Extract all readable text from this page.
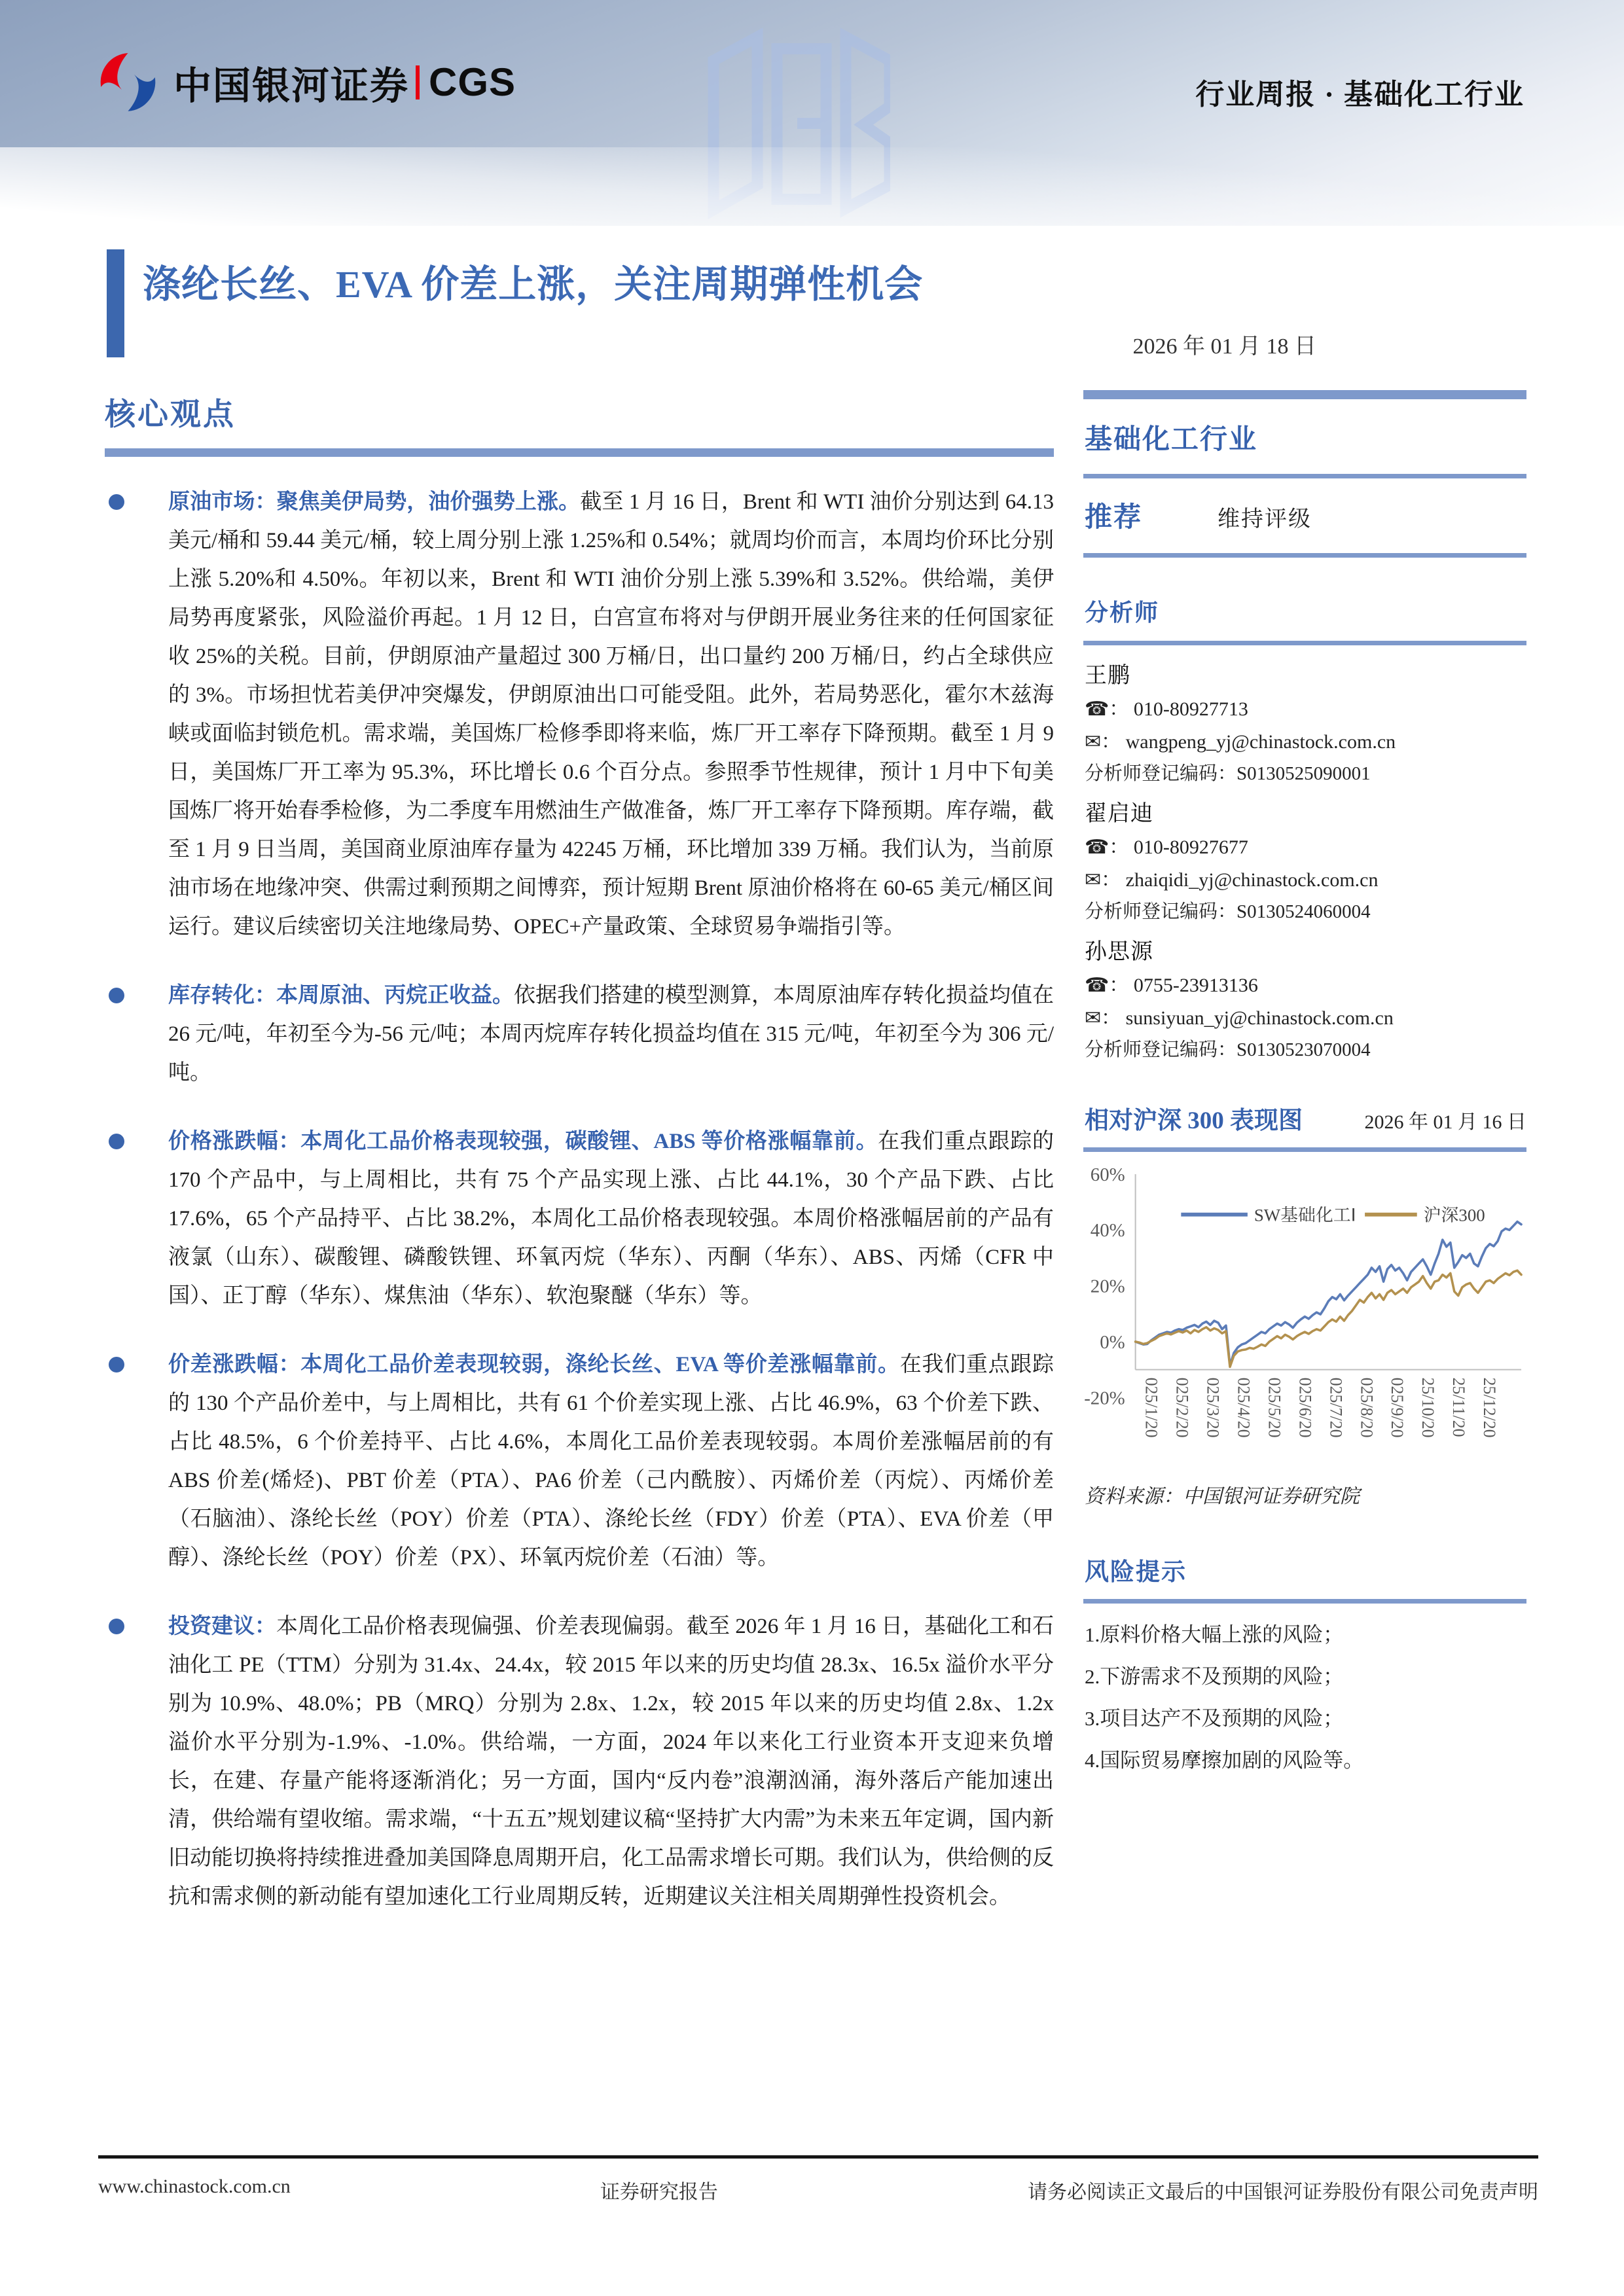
中国银河证券 CGS	行业周报 · 基础化工行业
涤纶长丝、EVA 价差上涨，关注周期弹性机会
2026 年 01 月 18 日
核心观点
原油市场：聚焦美伊局势，油价强势上涨。截至 1 月 16 日，Brent 和 WTI 油价分别达到 64.13 美元/桶和 59.44 美元/桶，较上周分别上涨 1.25%和 0.54%；就周均价而言，本周均价环比分别上涨 5.20%和 4.50%。年初以来，Brent 和 WTI 油价分别上涨 5.39%和 3.52%。供给端，美伊局势再度紧张，风险溢价再起。1 月 12 日，白宫宣布将对与伊朗开展业务往来的任何国家征收 25%的关税。目前，伊朗原油产量超过 300 万桶/日，出口量约 200 万桶/日，约占全球供应的 3%。市场担忧若美伊冲突爆发，伊朗原油出口可能受阻。此外，若局势恶化，霍尔木兹海峡或面临封锁危机。需求端，美国炼厂检修季即将来临，炼厂开工率存下降预期。截至 1 月 9 日，美国炼厂开工率为 95.3%，环比增长 0.6 个百分点。参照季节性规律，预计 1 月中下旬美国炼厂将开始春季检修，为二季度车用燃油生产做准备，炼厂开工率存下降预期。库存端，截至 1 月 9 日当周，美国商业原油库存量为 42245 万桶，环比增加 339 万桶。我们认为，当前原油市场在地缘冲突、供需过剩预期之间博弈，预计短期 Brent 原油价格将在 60-65 美元/桶区间运行。建议后续密切关注地缘局势、OPEC+产量政策、全球贸易争端指引等。
库存转化：本周原油、丙烷正收益。依据我们搭建的模型测算，本周原油库存转化损益均值在 26 元/吨，年初至今为-56 元/吨；本周丙烷库存转化损益均值在 315 元/吨，年初至今为 306 元/吨。
价格涨跌幅：本周化工品价格表现较强，碳酸锂、ABS 等价格涨幅靠前。在我们重点跟踪的 170 个产品中，与上周相比，共有 75 个产品实现上涨、占比 44.1%，30 个产品下跌、占比 17.6%，65 个产品持平、占比 38.2%，本周化工品价格表现较强。本周价格涨幅居前的产品有液氯（山东）、碳酸锂、磷酸铁锂、环氧丙烷（华东）、丙酮（华东）、ABS、丙烯（CFR 中国）、正丁醇（华东）、煤焦油（华东）、软泡聚醚（华东）等。
价差涨跌幅：本周化工品价差表现较弱，涤纶长丝、EVA 等价差涨幅靠前。在我们重点跟踪的 130 个产品价差中，与上周相比，共有 61 个价差实现上涨、占比 46.9%，63 个价差下跌、占比 48.5%，6 个价差持平、占比 4.6%，本周化工品价差表现较弱。本周价差涨幅居前的有 ABS 价差(烯烃)、PBT 价差（PTA）、PA6 价差（己内酰胺）、丙烯价差（丙烷）、丙烯价差（石脑油）、涤纶长丝（POY）价差（PTA）、涤纶长丝（FDY）价差（PTA）、EVA 价差（甲醇）、涤纶长丝（POY）价差（PX）、环氧丙烷价差（石油）等。
投资建议：本周化工品价格表现偏强、价差表现偏弱。截至 2026 年 1 月 16 日，基础化工和石油化工 PE（TTM）分别为 31.4x、24.4x，较 2015 年以来的历史均值 28.3x、16.5x 溢价水平分别为 10.9%、48.0%；PB（MRQ）分别为 2.8x、1.2x，较 2015 年以来的历史均值 2.8x、1.2x 溢价水平分别为-1.9%、-1.0%。供给端，一方面，2024 年以来化工行业资本开支迎来负增长，在建、存量产能将逐渐消化；另一方面，国内“反内卷”浪潮汹涌，海外落后产能加速出清，供给端有望收缩。需求端，“十五五”规划建议稿“坚持扩大内需”为未来五年定调，国内新旧动能切换将持续推进叠加美国降息周期开启，化工品需求增长可期。我们认为，供给侧的反抗和需求侧的新动能有望加速化工行业周期反转，近期建议关注相关周期弹性投资机会。
基础化工行业
推荐	维持评级
分析师
王鹏
☎： 010-80927713
✉： wangpeng_yj@chinastock.com.cn
分析师登记编码：S0130525090001
翟启迪
☎： 010-80927677
✉： zhaiqidi_yj@chinastock.com.cn
分析师登记编码：S0130524060004
孙思源
☎： 0755-23913136
✉： sunsiyuan_yj@chinastock.com.cn
分析师登记编码：S0130523070004
相对沪深 300 表现图	2026 年 01 月 16 日
60%
40%
20%
0%
-20%
SW基础化工Ⅰ	沪深300
025/1/20 025/2/20 025/3/20 025/4/20 025/5/20 025/6/20 025/7/20 025/8/20 025/9/20 25/10/20 25/11/20 25/12/20
资料来源：中国银河证券研究院
风险提示
1.原料价格大幅上涨的风险；
2.下游需求不及预期的风险；
3.项目达产不及预期的风险；
4.国际贸易摩擦加剧的风险等。
www.chinastock.com.cn	证券研究报告	请务必阅读正文最后的中国银河证券股份有限公司免责声明
